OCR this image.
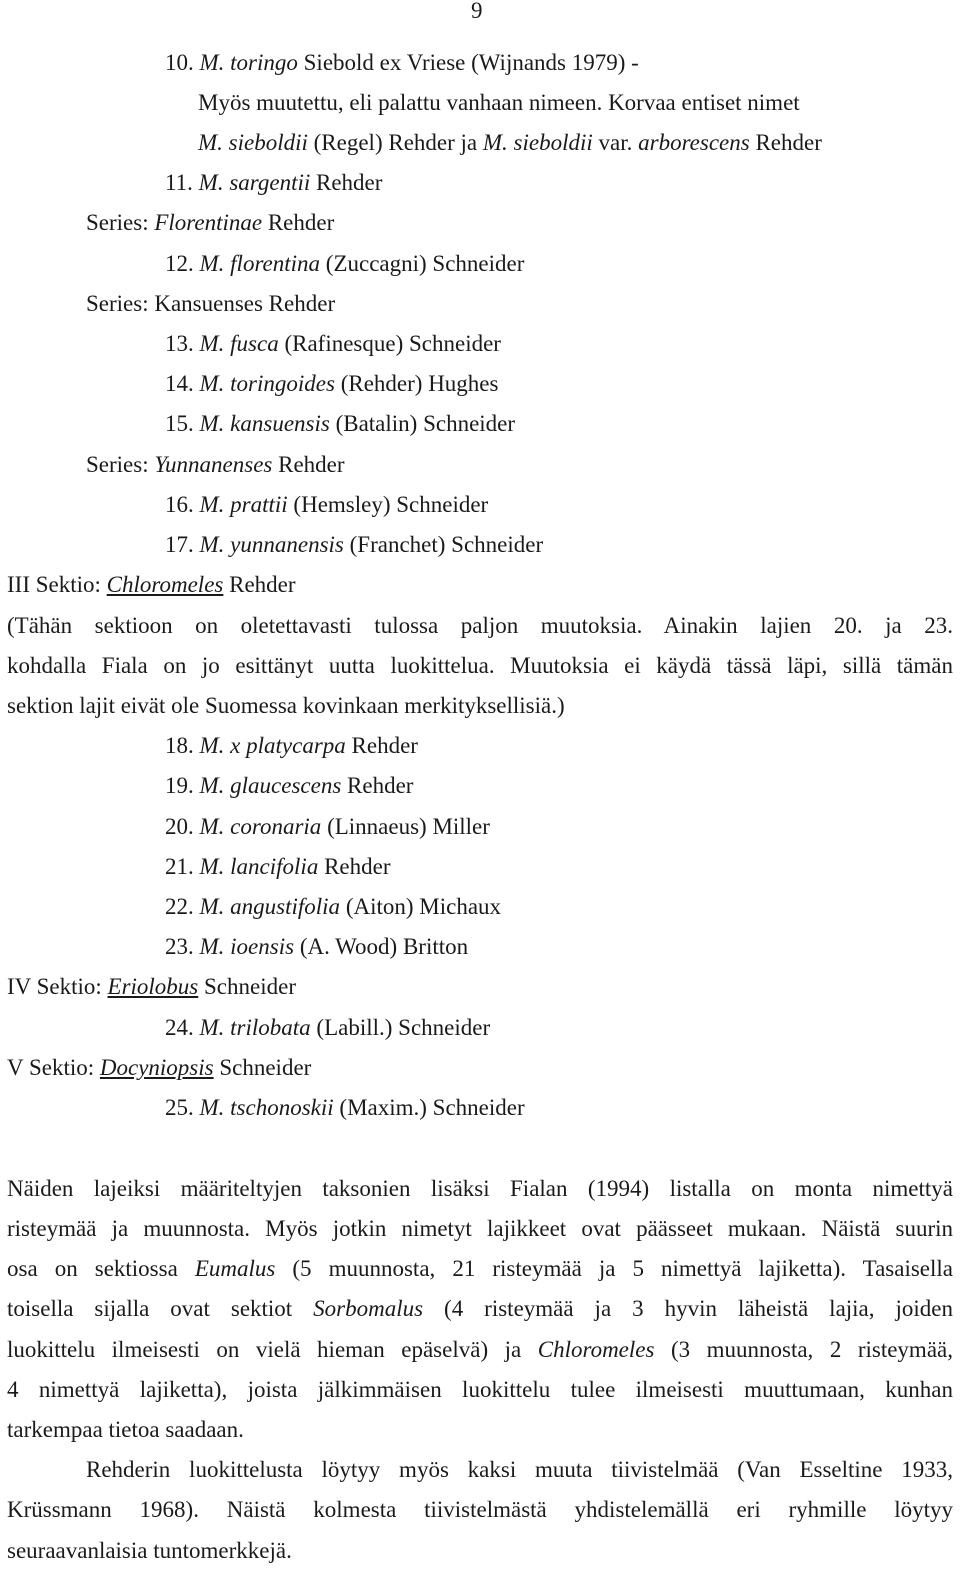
9
10. M. toringo Siebold ex Vriese (Wijnands 1979) -
Myös muutettu, eli palattu vanhaan nimeen. Korvaa entiset nimet
M. sieboldii (Regel) Rehder ja M. sieboldii var. arborescens Rehder
11. M. sargentii Rehder
Series: Florentinae Rehder
12. M. florentina (Zuccagni) Schneider
Series: Kansuenses Rehder
13. M. fusca (Rafinesque) Schneider
14. M. toringoides (Rehder) Hughes
15. M. kansuensis (Batalin) Schneider
Series: Yunnanenses Rehder
16. M. prattii (Hemsley) Schneider
17. M. yunnanensis (Franchet) Schneider
III Sektio: Chloromeles Rehder
(Tähän sektioon on oletettavasti tulossa paljon muutoksia. Ainakin lajien 20. ja 23.
kohdalla Fiala on jo esittänyt uutta luokittelua. Muutoksia ei käydä tässä läpi, sillä tämän
sektion lajit eivät ole Suomessa kovinkaan merkityksellisiä.)
18. M. x platycarpa Rehder
19. M. glaucescens Rehder
20. M. coronaria (Linnaeus) Miller
21. M. lancifolia Rehder
22. M. angustifolia (Aiton) Michaux
23. M. ioensis (A. Wood) Britton
IV Sektio: Eriolobus Schneider
24. M. trilobata (Labill.) Schneider
V Sektio: Docyniopsis Schneider
25. M. tschonoskii (Maxim.) Schneider
Näiden lajeiksi määriteltyjen taksonien lisäksi Fialan (1994) listalla on monta nimettyä
risteymää ja muunnosta. Myös jotkin nimetyt lajikkeet ovat päässeet mukaan. Näistä suurin
osa on sektiossa Eumalus (5 muunnosta, 21 risteymää ja 5 nimettyä lajiketta). Tasaisella
toisella sijalla ovat sektiot Sorbomalus (4 risteymää ja 3 hyvin läheistä lajia, joiden
luokittelu ilmeisesti on vielä hieman epäselvä) ja Chloromeles (3 muunnosta, 2 risteymää,
4 nimettyä lajiketta), joista jälkimmäisen luokittelu tulee ilmeisesti muuttumaan, kunhan
tarkempaa tietoa saadaan.
Rehderin luokittelusta löytyy myös kaksi muuta tiivistelmää (Van Esseltine 1933,
Krüssmann 1968). Näistä kolmesta tiivistelmästä yhdistelemällä eri ryhmille löytyy
seuraavanlaisia tuntomerkkejä.
